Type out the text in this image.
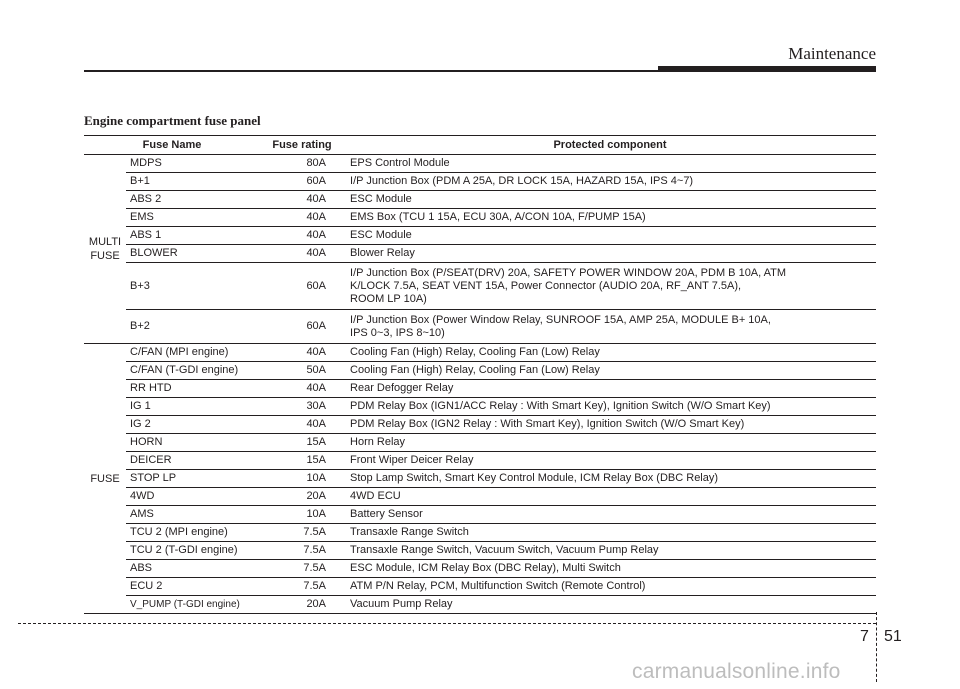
Maintenance
Engine compartment fuse panel
Fuse Name		Fuse rating	Protected component
MULTI
FUSE	MDPS	80A	EPS Control Module
	B+1	60A	I/P Junction Box (PDM A 25A, DR LOCK 15A, HAZARD 15A, IPS 4~7)
	ABS 2	40A	ESC Module
	EMS	40A	EMS Box (TCU 1 15A, ECU 30A, A/CON 10A, F/PUMP 15A)
	ABS 1	40A	ESC Module
	BLOWER	40A	Blower Relay
	B+3	60A	I/P Junction Box (P/SEAT(DRV) 20A, SAFETY POWER WINDOW 20A, PDM B 10A, ATM
K/LOCK 7.5A, SEAT VENT 15A, Power Connector (AUDIO 20A, RF_ANT 7.5A),
ROOM LP 10A)
	B+2	60A	I/P Junction Box (Power Window Relay, SUNROOF 15A, AMP 25A, MODULE B+ 10A,
IPS 0~3, IPS 8~10)
FUSE	C/FAN (MPI engine)	40A	Cooling Fan (High) Relay, Cooling Fan (Low) Relay
	C/FAN (T-GDI engine)	50A	Cooling Fan (High) Relay, Cooling Fan (Low) Relay
	RR HTD	40A	Rear Defogger Relay
	IG 1	30A	PDM Relay Box (IGN1/ACC Relay : With Smart Key), Ignition Switch (W/O Smart Key)
	IG 2	40A	PDM Relay Box (IGN2 Relay : With Smart Key), Ignition Switch (W/O Smart Key)
	HORN	15A	Horn Relay
	DEICER	15A	Front Wiper Deicer Relay
	STOP LP	10A	Stop Lamp Switch, Smart Key Control Module, ICM Relay Box (DBC Relay)
	4WD	20A	4WD ECU
	AMS	10A	Battery Sensor
	TCU 2 (MPI engine)	7.5A	Transaxle Range Switch
	TCU 2 (T-GDI engine)	7.5A	Transaxle Range Switch, Vacuum Switch, Vacuum Pump Relay
	ABS	7.5A	ESC Module, ICM Relay Box (DBC Relay), Multi Switch
	ECU 2	7.5A	ATM P/N Relay, PCM, Multifunction Switch (Remote Control)
	V_PUMP (T-GDI engine)	20A	Vacuum Pump Relay
7 51
carmanualsonline.info
